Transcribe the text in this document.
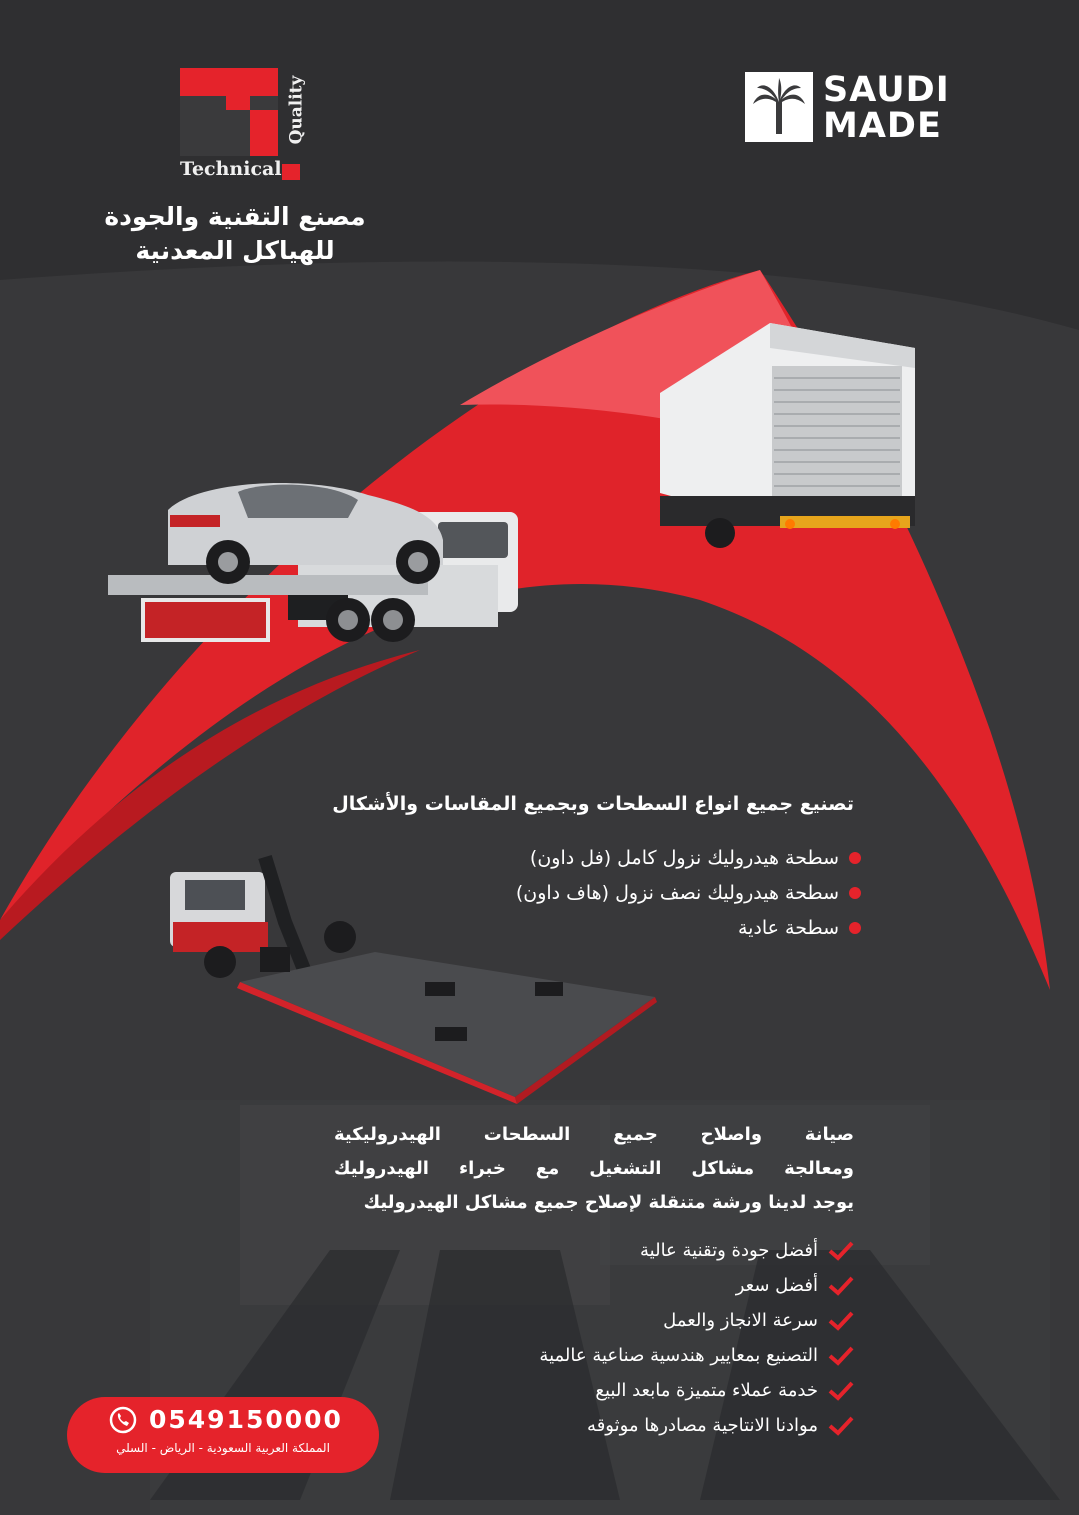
Technical
Quality
مصنع التقنية والجودة
للهياكل المعدنية
SAUDI
MADE
تصنيع جميع انواع السطحات وبجميع المقاسات والأشكال
سطحة هيدروليك نزول كامل (فل داون)
سطحة هيدروليك نصف نزول (هاف داون)
سطحة عادية
صيانة واصلاح جميع السطحات الهيدروليكية
ومعالجة مشاكل التشغيل مع خبراء الهيدروليك
يوجد لدينا ورشة متنقلة لإصلاح جميع مشاكل الهيدروليك
أفضل جودة وتقنية عالية
أفضل سعر
سرعة الانجاز والعمل
التصنيع بمعايير هندسية صناعية عالمية
خدمة عملاء متميزة مابعد البيع
موادنا الانتاجية مصادرها موثوقه
0549150000
المملكة العربية السعودية - الرياض - السلي
